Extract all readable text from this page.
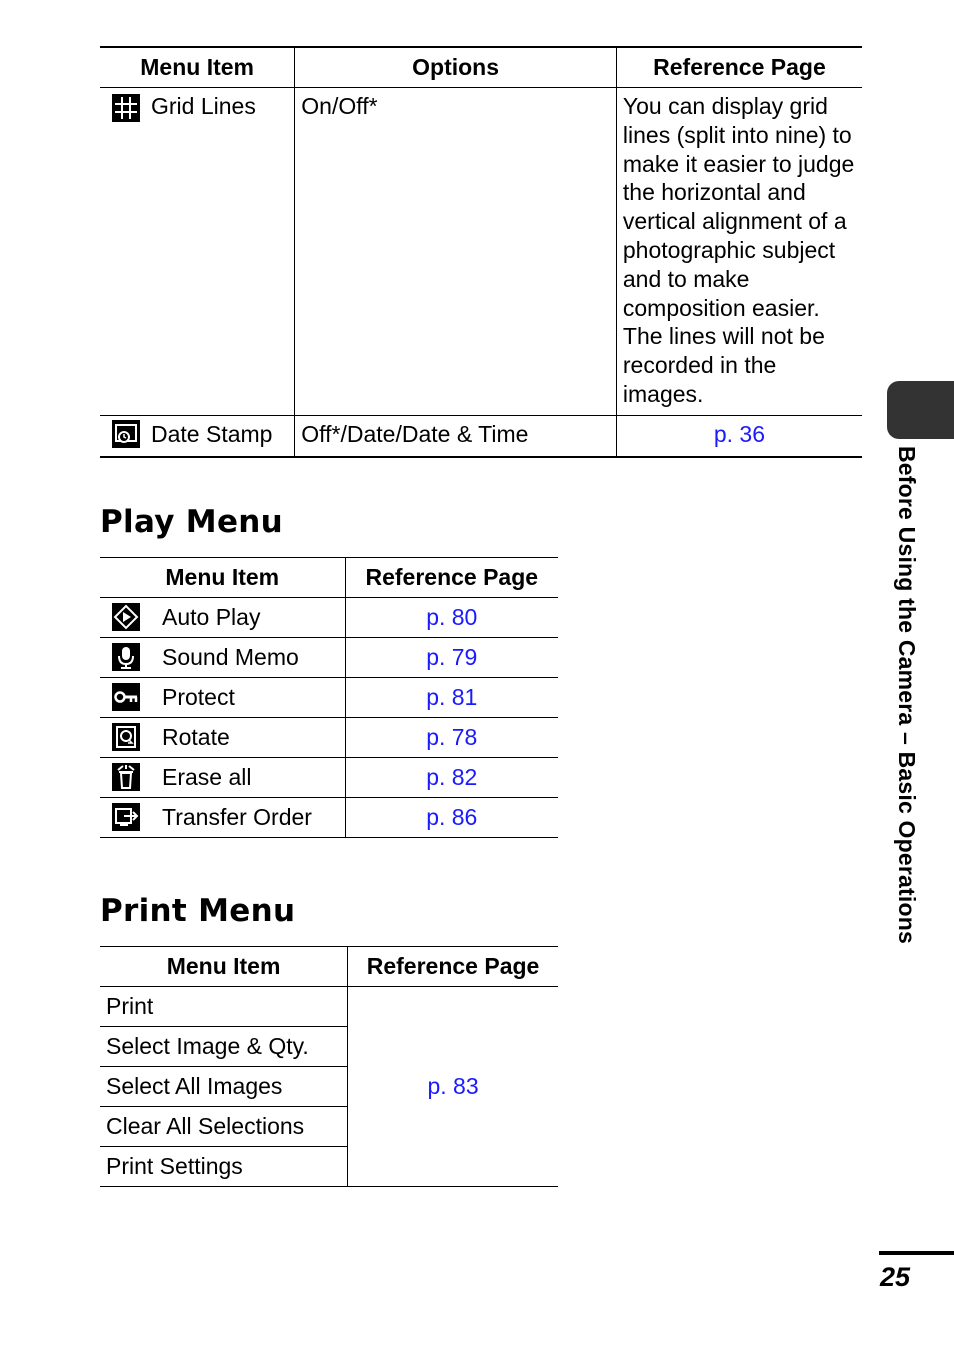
Menu Item	Options	Reference Page

Grid Lines	On/Off*	You can display grid lines (split into nine) to make it easier to judge the horizontal and vertical alignment of a photographic subject and to make composition easier. The lines will not be recorded in the images.

Date Stamp	Off*/Date/Date & Time	p. 36
Play Menu
Menu Item	Reference Page

Auto Play	p. 80

Sound Memo	p. 79

Protect	p. 81

Rotate	p. 78

Erase all	p. 82

Transfer Order	p. 86
Print Menu
Menu Item	Reference Page
Print	p. 83
Select Image & Qty.	
Select All Images	
Clear All Selections	
Print Settings	
Before Using the Camera – Basic Operations
25
